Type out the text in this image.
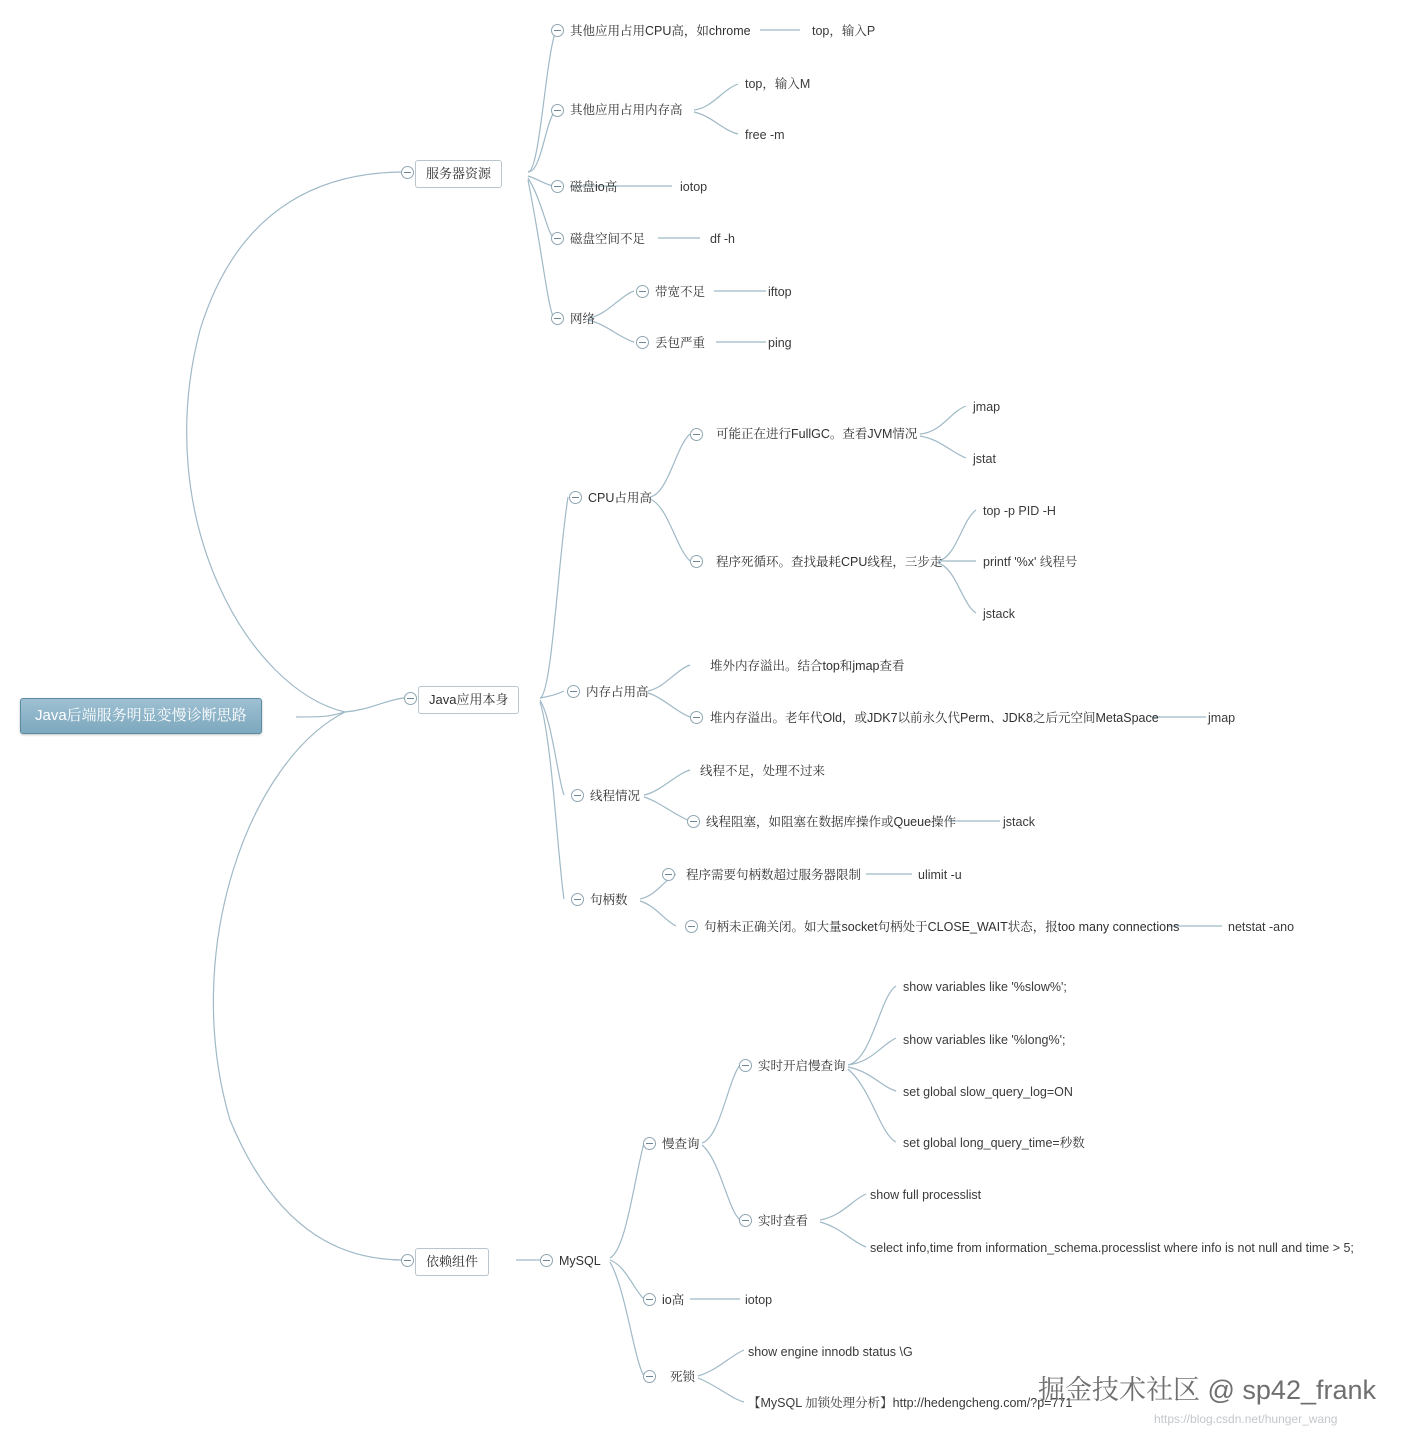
Java后端服务明显变慢诊断思路
服务器资源
其他应用占用CPU高，如chrome	top，输入P
其他应用占用内存高
top，输入M
free -m
磁盘io高	iotop
磁盘空间不足	df -h
网络
带宽不足	iftop
丢包严重	ping
Java应用本身
CPU占用高
可能正在进行FullGC。查看JVM情况
jmap
jstat
程序死循环。查找最耗CPU线程，三步走
top -p PID -H
printf '%x' 线程号
jstack
内存占用高
堆外内存溢出。结合top和jmap查看
堆内存溢出。老年代Old，或JDK7以前永久代Perm、JDK8之后元空间MetaSpace	jmap
线程情况
线程不足，处理不过来
线程阻塞，如阻塞在数据库操作或Queue操作	jstack
句柄数
程序需要句柄数超过服务器限制	ulimit -u
句柄未正确关闭。如大量socket句柄处于CLOSE_WAIT状态，报too many connections	netstat -ano
依赖组件	MySQL
慢查询
实时开启慢查询
show variables like '%slow%';
show variables like '%long%';
set global slow_query_log=ON
set global long_query_time=秒数
实时查看
show full processlist
select info,time from information_schema.processlist where info is not null and time > 5;
io高	iotop
死锁
show engine innodb status \G
【MySQL 加锁处理分析】http://hedengcheng.com/?p=771
掘金技术社区 @ sp42_frank
https://blog.csdn.net/hunger_wang
